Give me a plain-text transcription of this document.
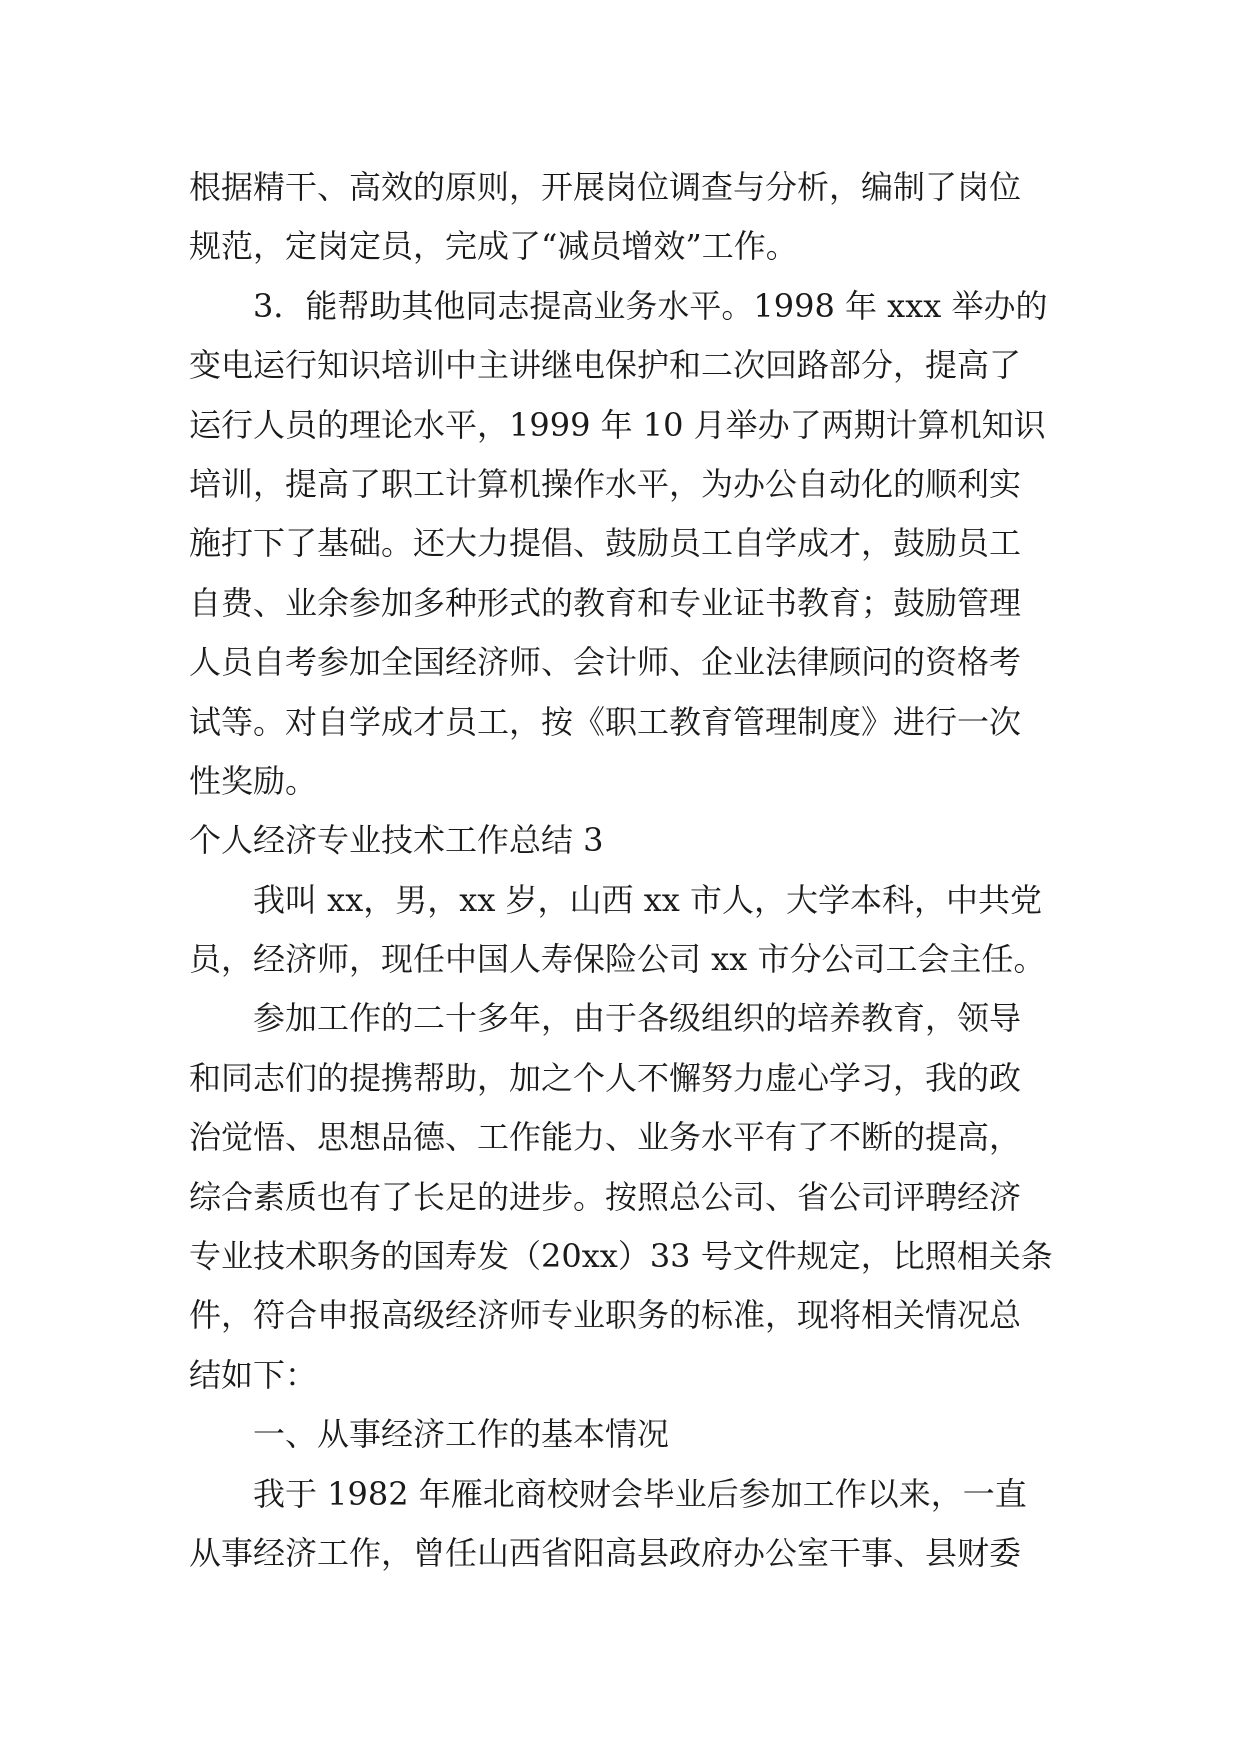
根据精干、高效的原则，开展岗位调查与分析，编制了岗位
规范，定岗定员，完成了“减员增效”工作。
3．能帮助其他同志提高业务水平。1998 年 xxx 举办的
变电运行知识培训中主讲继电保护和二次回路部分，提高了
运行人员的理论水平，1999 年 10 月举办了两期计算机知识
培训，提高了职工计算机操作水平，为办公自动化的顺利实
施打下了基础。还大力提倡、鼓励员工自学成才，鼓励员工
自费、业余参加多种形式的教育和专业证书教育；鼓励管理
人员自考参加全国经济师、会计师、企业法律顾问的资格考
试等。对自学成才员工，按《职工教育管理制度》进行一次
性奖励。
个人经济专业技术工作总结 3
我叫 xx，男，xx 岁，山西 xx 市人，大学本科，中共党
员，经济师，现任中国人寿保险公司 xx 市分公司工会主任。
参加工作的二十多年，由于各级组织的培养教育，领导
和同志们的提携帮助，加之个人不懈努力虚心学习，我的政
治觉悟、思想品德、工作能力、业务水平有了不断的提高，
综合素质也有了长足的进步。按照总公司、省公司评聘经济
专业技术职务的国寿发（20xx）33 号文件规定，比照相关条
件，符合申报高级经济师专业职务的标准，现将相关情况总
结如下：
一、从事经济工作的基本情况
我于 1982 年雁北商校财会毕业后参加工作以来，一直
从事经济工作，曾任山西省阳高县政府办公室干事、县财委
